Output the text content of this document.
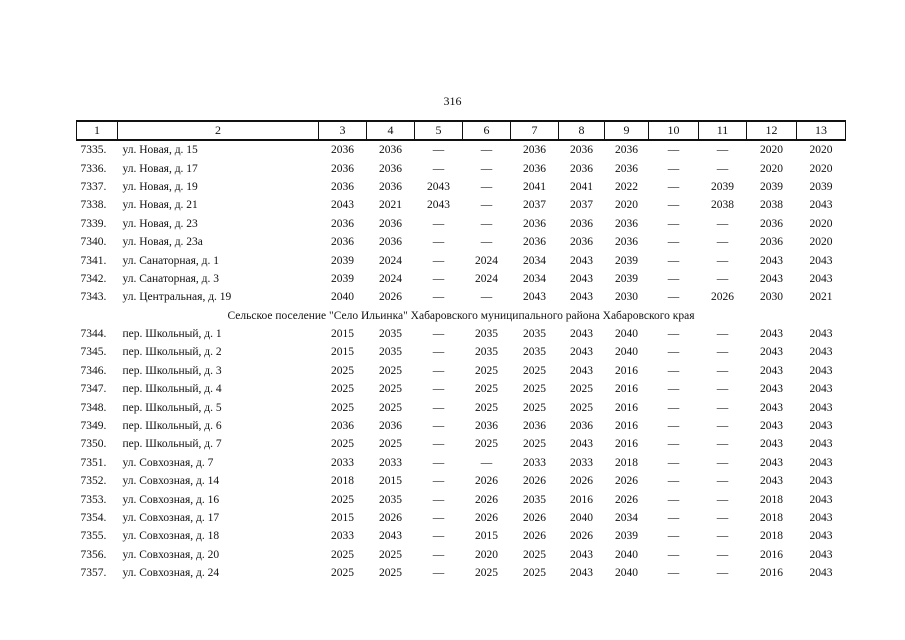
316
1	2	3	4	5	6	7	8	9	10	11	12	13
7335.	ул. Новая, д. 15	2036	2036	—	—	2036	2036	2036	—	—	2020	2020
7336.	ул. Новая, д. 17	2036	2036	—	—	2036	2036	2036	—	—	2020	2020
7337.	ул. Новая, д. 19	2036	2036	2043	—	2041	2041	2022	—	2039	2039	2039
7338.	ул. Новая, д. 21	2043	2021	2043	—	2037	2037	2020	—	2038	2038	2043
7339.	ул. Новая, д. 23	2036	2036	—	—	2036	2036	2036	—	—	2036	2020
7340.	ул. Новая, д. 23а	2036	2036	—	—	2036	2036	2036	—	—	2036	2020
7341.	ул. Санаторная, д. 1	2039	2024	—	2024	2034	2043	2039	—	—	2043	2043
7342.	ул. Санаторная, д. 3	2039	2024	—	2024	2034	2043	2039	—	—	2043	2043
7343.	ул. Центральная, д. 19	2040	2026	—	—	2043	2043	2030	—	2026	2030	2021
Сельское поселение "Село Ильинка" Хабаровского муниципального района Хабаровского края												
7344.	пер. Школьный, д. 1	2015	2035	—	2035	2035	2043	2040	—	—	2043	2043
7345.	пер. Школьный, д. 2	2015	2035	—	2035	2035	2043	2040	—	—	2043	2043
7346.	пер. Школьный, д. 3	2025	2025	—	2025	2025	2043	2016	—	—	2043	2043
7347.	пер. Школьный, д. 4	2025	2025	—	2025	2025	2025	2016	—	—	2043	2043
7348.	пер. Школьный, д. 5	2025	2025	—	2025	2025	2025	2016	—	—	2043	2043
7349.	пер. Школьный, д. 6	2036	2036	—	2036	2036	2036	2016	—	—	2043	2043
7350.	пер. Школьный, д. 7	2025	2025	—	2025	2025	2043	2016	—	—	2043	2043
7351.	ул. Совхозная, д. 7	2033	2033	—	—	2033	2033	2018	—	—	2043	2043
7352.	ул. Совхозная, д. 14	2018	2015	—	2026	2026	2026	2026	—	—	2043	2043
7353.	ул. Совхозная, д. 16	2025	2035	—	2026	2035	2016	2026	—	—	2018	2043
7354.	ул. Совхозная, д. 17	2015	2026	—	2026	2026	2040	2034	—	—	2018	2043
7355.	ул. Совхозная, д. 18	2033	2043	—	2015	2026	2026	2039	—	—	2018	2043
7356.	ул. Совхозная, д. 20	2025	2025	—	2020	2025	2043	2040	—	—	2016	2043
7357.	ул. Совхозная, д. 24	2025	2025	—	2025	2025	2043	2040	—	—	2016	2043
